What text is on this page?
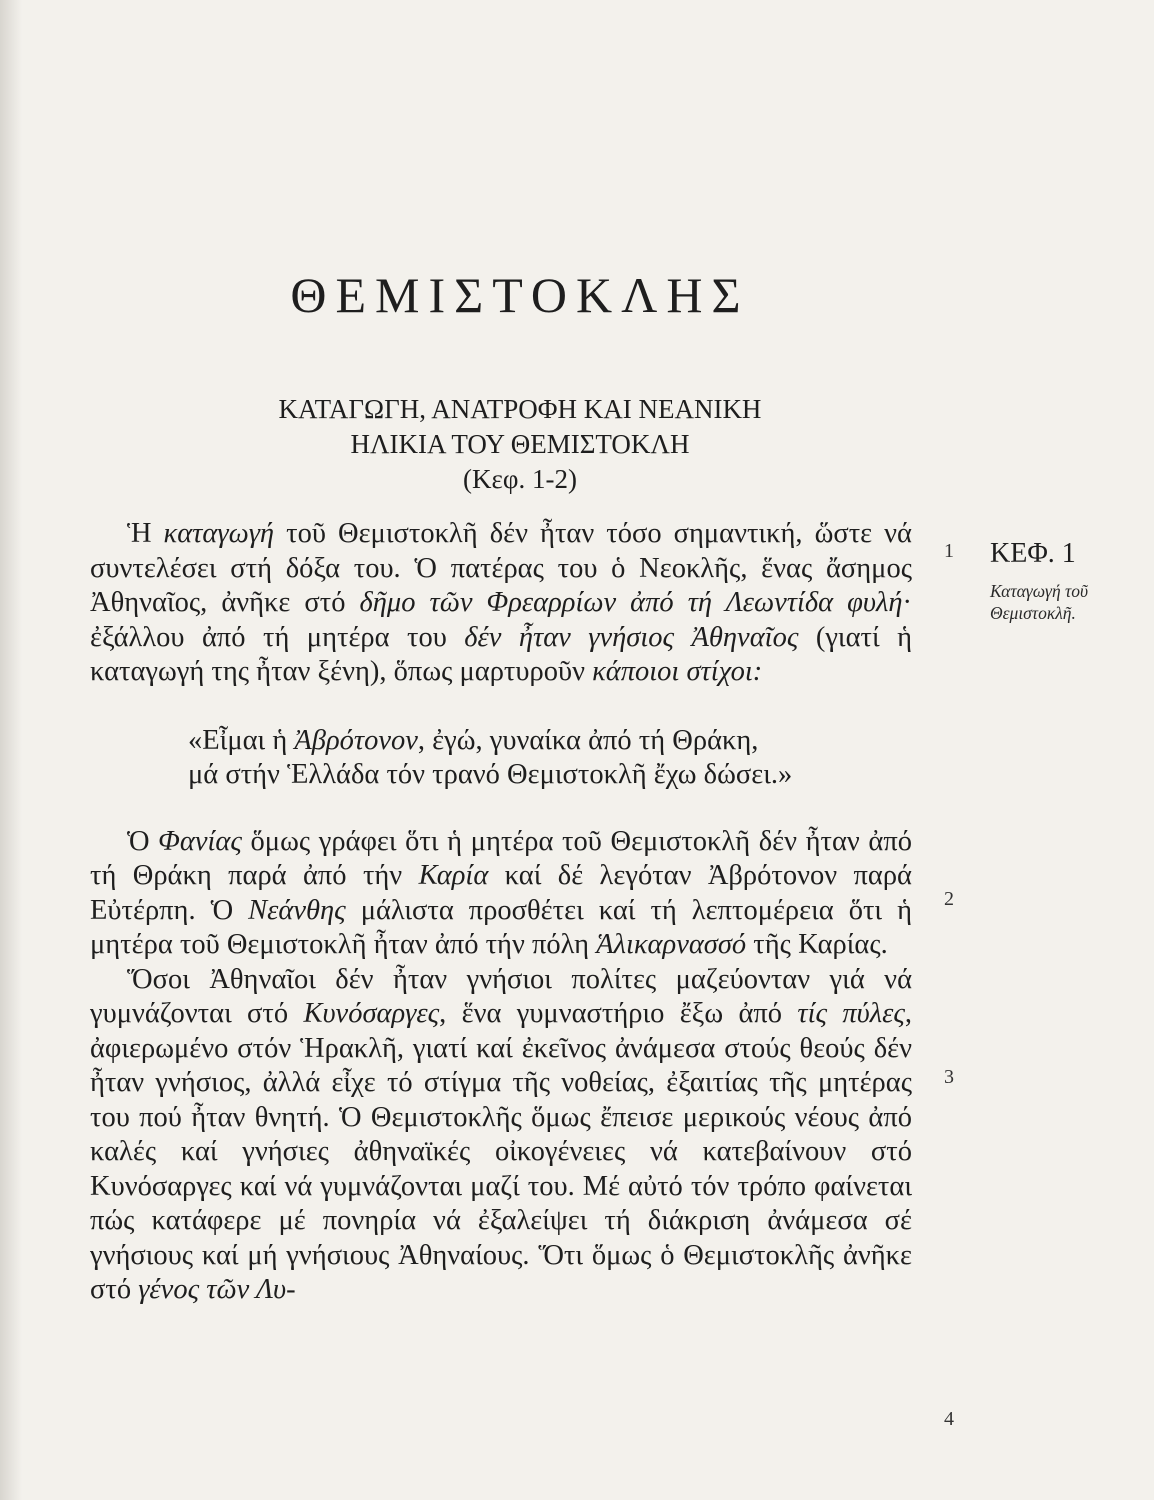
ΘΕΜΙΣΤΟΚΛΗΣ
ΚΑΤΑΓΩΓΗ, ΑΝΑΤΡΟΦΗ ΚΑΙ ΝΕΑΝΙΚΗ
ΗΛΙΚΙΑ ΤΟΥ ΘΕΜΙΣΤΟΚΛΗ
(Κεφ. 1-2)

Ἡ καταγωγή τοῦ Θεμιστοκλῆ δέν ἦταν τόσο σημαντική, ὥστε νά συντελέσει στή δόξα του. Ὁ πατέρας του ὁ Νεοκλῆς, ἕνας ἄσημος Ἀθηναῖος, ἀνῆκε στό δῆμο τῶν Φρεαρρίων ἀπό τή Λεωντίδα φυλή· ἐξάλλου ἀπό τή μητέρα του δέν ἦταν γνήσιος Ἀθηναῖος (γιατί ἡ καταγωγή της ἦταν ξένη), ὅπως μαρτυροῦν κάποιοι στίχοι:

«Εἶμαι ἡ Ἀβρότονον, ἐγώ, γυναίκα ἀπό τή Θράκη,
μά στήν Ἑλλάδα τόν τρανό Θεμιστοκλῆ ἔχω δώσει.»

Ὁ Φανίας ὅμως γράφει ὅτι ἡ μητέρα τοῦ Θεμιστοκλῆ δέν ἦταν ἀπό τή Θράκη παρά ἀπό τήν Καρία καί δέ λεγόταν Ἀβρότονον παρά Εὐτέρπη. Ὁ Νεάνθης μάλιστα προσθέτει καί τή λεπτομέρεια ὅτι ἡ μητέρα τοῦ Θεμιστοκλῆ ἦταν ἀπό τήν πόλη Ἁλικαρνασσό τῆς Καρίας.

Ὅσοι Ἀθηναῖοι δέν ἦταν γνήσιοι πολίτες μαζεύονταν γιά νά γυμνάζονται στό Κυνόσαργες, ἕνα γυμναστήριο ἔξω ἀπό τίς πύλες, ἀφιερωμένο στόν Ἡρακλῆ, γιατί καί ἐκεῖνος ἀνάμεσα στούς θεούς δέν ἦταν γνήσιος, ἀλλά εἶχε τό στίγμα τῆς νοθείας, ἐξαιτίας τῆς μητέρας του πού ἦταν θνητή. Ὁ Θεμιστοκλῆς ὅμως ἔπεισε μερικούς νέους ἀπό καλές καί γνήσιες ἀθηναϊκές οἰκογένειες νά κατεβαίνουν στό Κυνόσαργες καί νά γυμνάζονται μαζί του. Μέ αὐτό τόν τρόπο φαίνεται πώς κατάφερε μέ πονηρία νά ἐξαλείψει τή διάκριση ἀνάμεσα σέ γνήσιους καί μή γνήσιους Ἀθηναίους. Ὅτι ὅμως ὁ Θεμιστοκλῆς ἀνῆκε στό γένος τῶν Λυ-

1
2
3
4
ΚΕΦ. 1
Καταγωγή τοῦ
Θεμιστοκλῆ.
